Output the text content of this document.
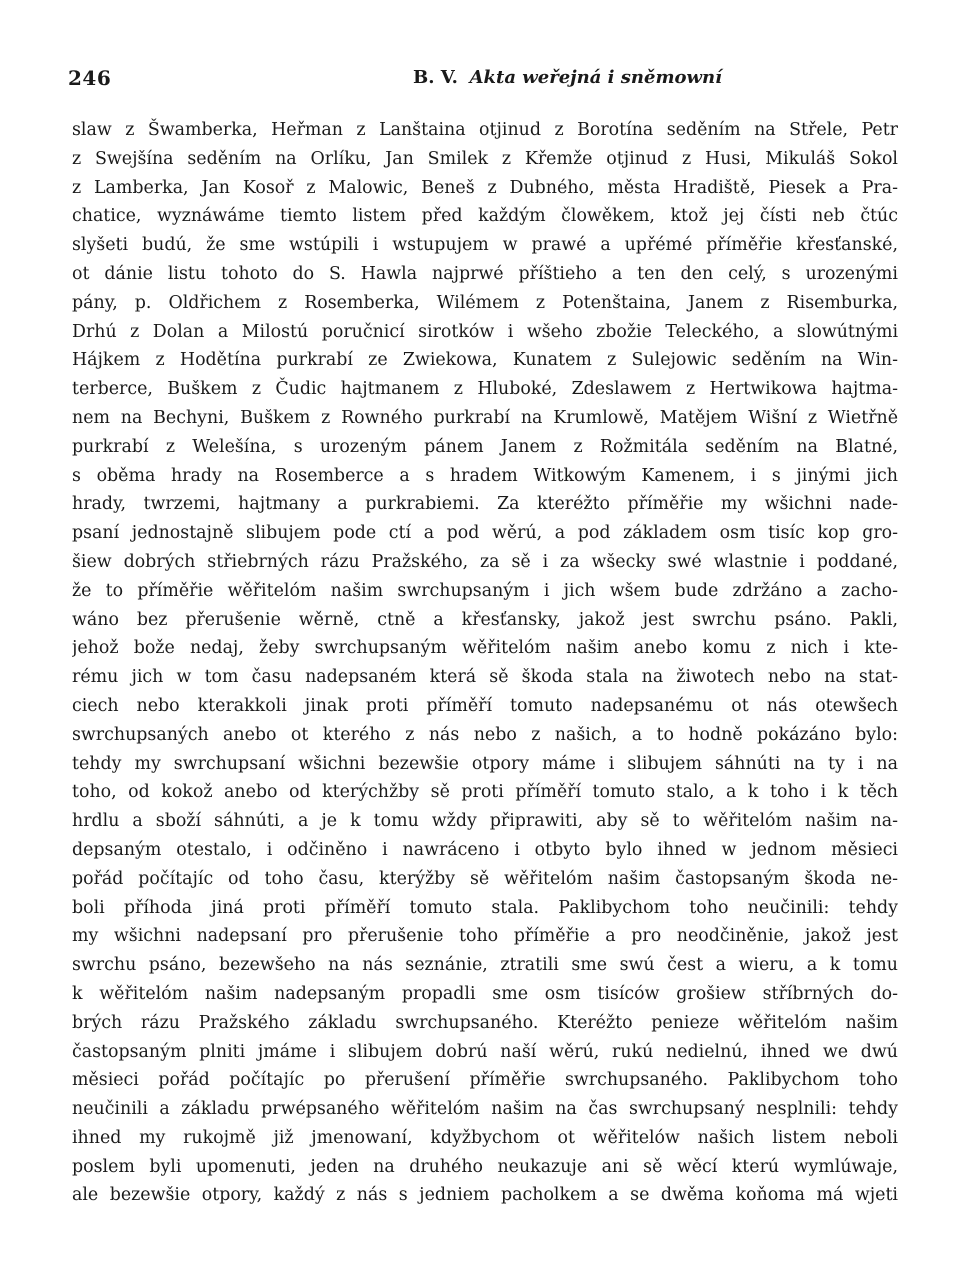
246	B. V. Akta weřejná i sněmowní
slaw z Šwamberka, Heřman z Lanštaina otjinud z Borotína seděním na Střele, Petr
z Swejšína seděním na Orlíku, Jan Smilek z Křemže otjinud z Husi, Mikuláš Sokol
z Lamberka, Jan Kosoř z Malowic, Beneš z Dubného, města Hradiště, Piesek a Pra-
chatice, wyznáwáme tiemto listem před každým člowěkem, ktož jej čísti neb čtúc
slyšeti budú, že sme wstúpili i wstupujem w prawé a upřémé příměřie křesťanské,
ot dánie listu tohoto do S. Hawla najprwé příštieho a ten den celý, s urozenými
pány, p. Oldřichem z Rosemberka, Wilémem z Potenštaina, Janem z Risemburka,
Drhú z Dolan a Milostú poručnicí sirotków i wšeho zbožie Teleckého, a slowútnými
Hájkem z Hodětína purkrabí ze Zwiekowa, Kunatem z Sulejowic seděním na Win-
terberce, Buškem z Čudic hajtmanem z Hluboké, Zdeslawem z Hertwikowa hajtma-
nem na Bechyni, Buškem z Rowného purkrabí na Krumlowě, Matějem Wišní z Wietřně
purkrabí z Welešína, s urozeným pánem Janem z Rožmitála seděním na Blatné,
s oběma hrady na Rosemberce a s hradem Witkowým Kamenem, i s jinými jich
hrady, twrzemi, hajtmany a purkrabiemi. Za kteréžto příměřie my wšichni nade-
psaní jednostajně slibujem pode ctí a pod wěrú, a pod základem osm tisíc kop gro-
šiew dobrých střiebrných rázu Pražského, za sě i za wšecky swé wlastnie i poddané,
že to příměřie wěřitelóm našim swrchupsaným i jich wšem bude zdržáno a zacho-
wáno bez přerušenie wěrně, ctně a křesťansky, jakož jest swrchu psáno. Pakli,
jehož bože nedaj, žeby swrchupsaným wěřitelóm našim anebo komu z nich i kte-
rému jich w tom času nadepsaném která sě škoda stala na žiwotech nebo na stat-
ciech nebo kterakkoli jinak proti příměří tomuto nadepsanému ot nás otewšech
swrchupsaných anebo ot kterého z nás nebo z našich, a to hodně pokázáno bylo:
tehdy my swrchupsaní wšichni bezewšie otpory máme i slibujem sáhnúti na ty i na
toho, od kokož anebo od kterýchžby sě proti příměří tomuto stalo, a k toho i k těch
hrdlu a sboží sáhnúti, a je k tomu wždy připrawiti, aby sě to wěřitelóm našim na-
depsaným otestalo, i odčiněno i nawráceno i otbyto bylo ihned w jednom měsieci
pořád počítajíc od toho času, kterýžby sě wěřitelóm našim častopsaným škoda ne-
boli příhoda jiná proti příměří tomuto stala. Paklibychom toho neučinili: tehdy
my wšichni nadepsaní pro přerušenie toho příměřie a pro neodčiněnie, jakož jest
swrchu psáno, bezewšeho na nás seznánie, ztratili sme swú čest a wieru, a k tomu
k wěřitelóm našim nadepsaným propadli sme osm tisíców grošiew stříbrných do-
brých rázu Pražského základu swrchupsaného. Kteréžto penieze wěřitelóm našim
častopsaným plniti jmáme i slibujem dobrú naší wěrú, rukú nedielnú, ihned we dwú
měsieci pořád počítajíc po přerušení příměřie swrchupsaného. Paklibychom toho
neučinili a základu prwépsaného wěřitelóm našim na čas swrchupsaný nesplnili: tehdy
ihned my rukojmě již jmenowaní, kdyžbychom ot wěřitelów našich listem neboli
poslem byli upomenuti, jeden na druhého neukazuje ani sě wěcí kterú wymlúwaje,
ale bezewšie otpory, každý z nás s jedniem pacholkem a se dwěma koňoma má wjeti
